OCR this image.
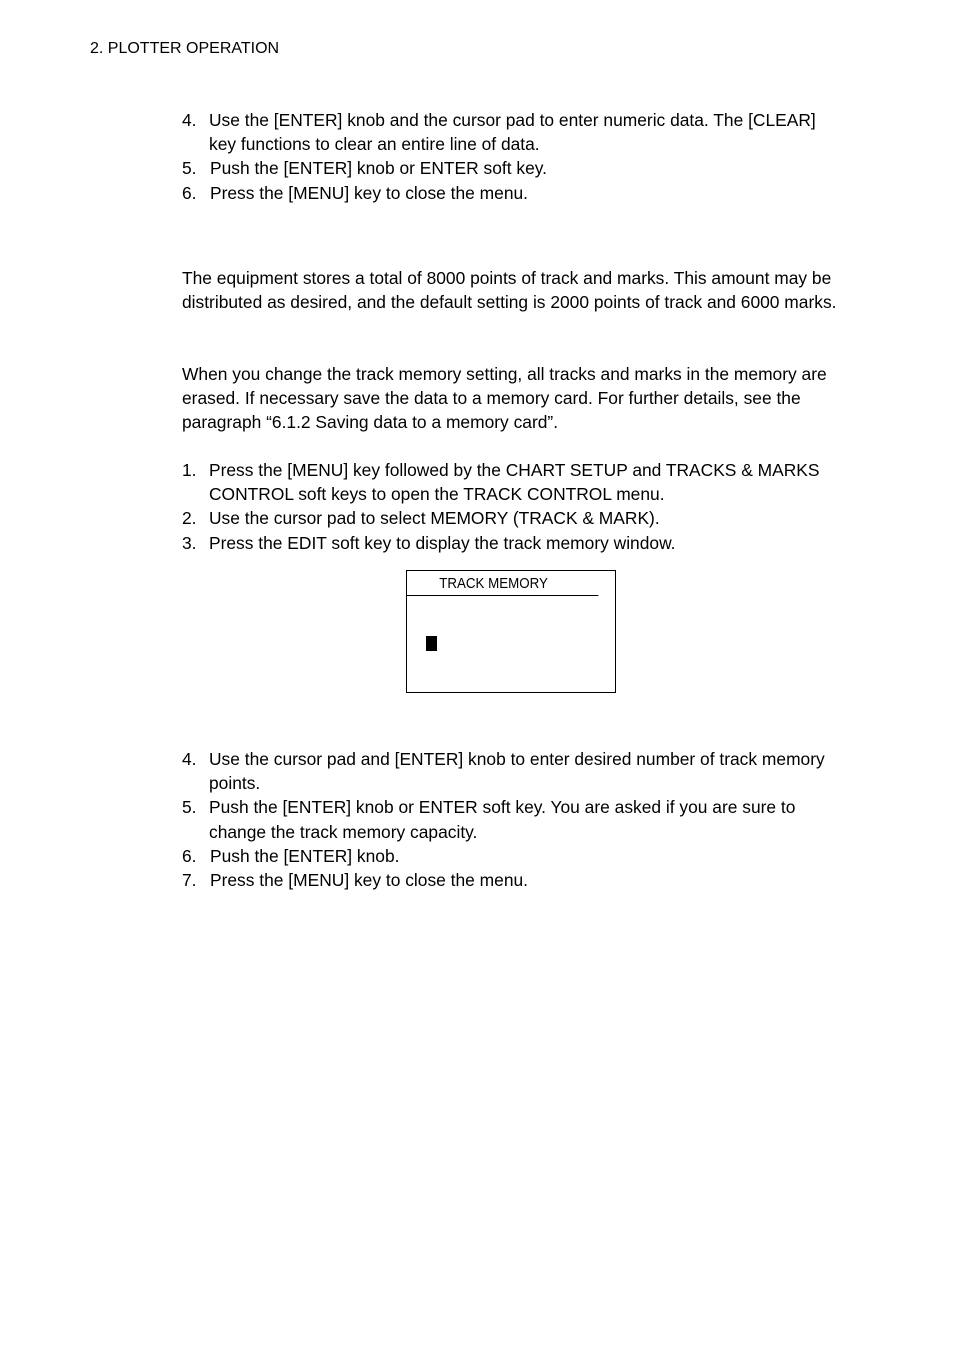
2. PLOTTER OPERATION
4. Use the [ENTER] knob and the cursor pad to enter numeric data. The [CLEAR] key functions to clear an entire line of data.
5. Push the [ENTER] knob or ENTER soft key.
6. Press the [MENU] key to close the menu.

The equipment stores a total of 8000 points of track and marks. This amount may be distributed as desired, and the default setting is 2000 points of track and 6000 marks.

When you change the track memory setting, all tracks and marks in the memory are erased. If necessary save the data to a memory card. For further details, see the paragraph “6.1.2 Saving data to a memory card”.

1. Press the [MENU] key followed by the CHART SETUP and TRACKS & MARKS CONTROL soft keys to open the TRACK CONTROL menu.
2. Use the cursor pad to select MEMORY (TRACK & MARK).
3. Press the EDIT soft key to display the track memory window.
TRACK MEMORY
4. Use the cursor pad and [ENTER] knob to enter desired number of track memory points.
5. Push the [ENTER] knob or ENTER soft key. You are asked if you are sure to change the track memory capacity.
6. Push the [ENTER] knob.
7. Press the [MENU] key to close the menu.
